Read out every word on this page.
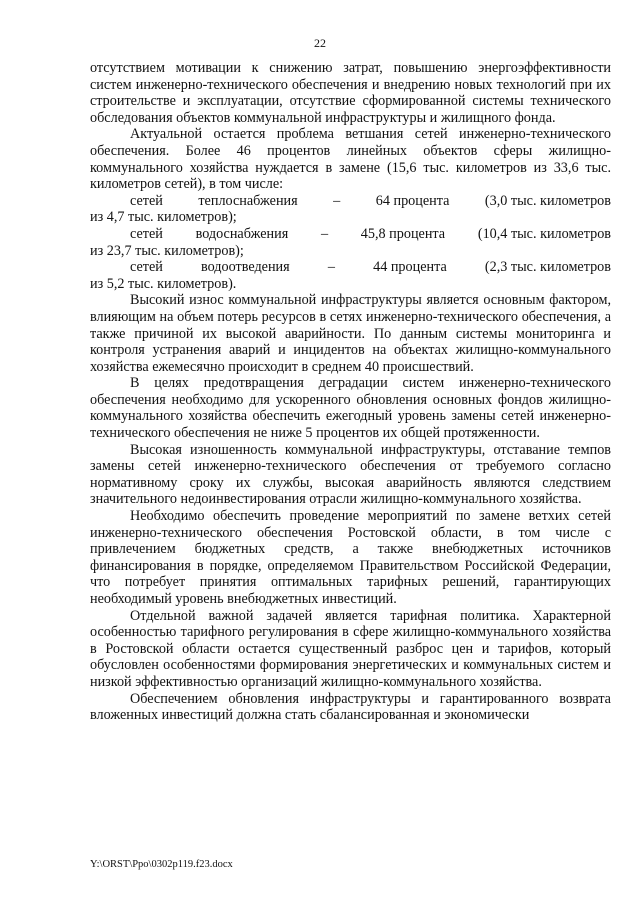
22

отсутствием мотивации к снижению затрат, повышению энергоэффективности систем инженерно-технического обеспечения и внедрению новых технологий при их строительстве и эксплуатации, отсутствие сформированной системы технического обследования объектов коммунальной инфраструктуры и жилищного фонда.

Актуальной остается проблема ветшания сетей инженерно-технического обеспечения. Более 46 процентов линейных объектов сферы жилищно-коммунального хозяйства нуждается в замене (15,6 тыс. километров из 33,6 тыс. километров сетей), в том числе:

сетей	теплоснабжения	–	64 процента	(3,0 тыс. километров

из 4,7 тыс. километров);

сетей водоснабжения – 45,8 процента (10,4 тыс. километров

из 23,7 тыс. километров);

сетей	водоотведения	–	44 процента	(2,3 тыс. километров

из 5,2 тыс. километров).

Высокий износ коммунальной инфраструктуры является основным фактором, влияющим на объем потерь ресурсов в сетях инженерно-технического обеспечения, а также причиной их высокой аварийности. По данным системы мониторинга и контроля устранения аварий и инцидентов на объектах жилищно-коммунального хозяйства ежемесячно происходит в среднем 40 происшествий.

В целях предотвращения деградации систем инженерно-технического обеспечения необходимо для ускоренного обновления основных фондов жилищно-коммунального хозяйства обеспечить ежегодный уровень замены сетей инженерно-технического обеспечения не ниже 5 процентов их общей протяженности.

Высокая изношенность коммунальной инфраструктуры, отставание темпов замены сетей инженерно-технического обеспечения от требуемого согласно нормативному сроку их службы, высокая аварийность являются следствием значительного недоинвестирования отрасли жилищно-коммунального хозяйства.

Необходимо обеспечить проведение мероприятий по замене ветхих сетей инженерно-технического обеспечения Ростовской области, в том числе с привлечением бюджетных средств, а также внебюджетных источников финансирования в порядке, определяемом Правительством Российской Федерации, что потребует принятия оптимальных тарифных решений, гарантирующих необходимый уровень внебюджетных инвестиций.

Отдельной важной задачей является тарифная политика. Характерной особенностью тарифного регулирования в сфере жилищно-коммунального хозяйства в Ростовской области остается существенный разброс цен и тарифов, который обусловлен особенностями формирования энергетических и коммунальных систем и низкой эффективностью организаций жилищно-коммунального хозяйства.

Обеспечением обновления инфраструктуры и гарантированного возврата вложенных инвестиций должна стать сбалансированная и экономически

Y:\ORST\Ppo\0302p119.f23.docx
